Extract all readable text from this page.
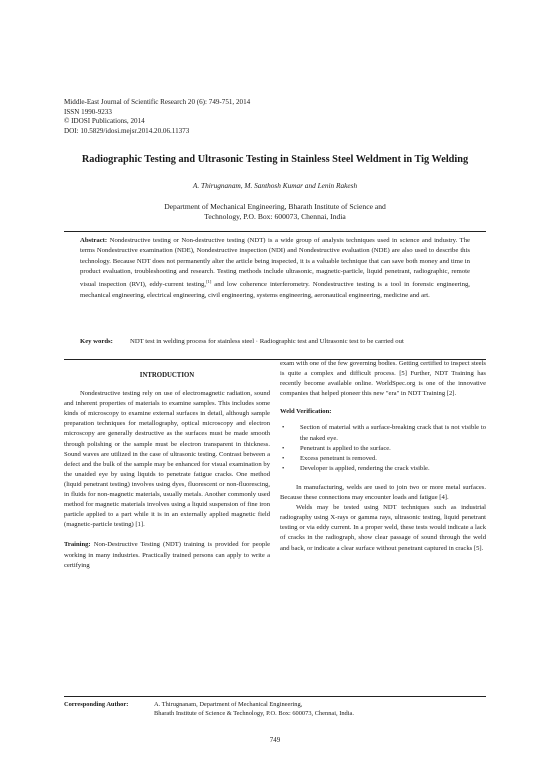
Middle-East Journal of Scientific Research 20 (6): 749-751, 2014
ISSN 1990-9233
© IDOSI Publications, 2014
DOI: 10.5829/idosi.mejsr.2014.20.06.11373
Radiographic Testing and Ultrasonic Testing in Stainless Steel Weldment in Tig Welding
A. Thirugnanam, M. Santhosh Kumar and Lenin Rakesh
Department of Mechanical Engineering, Bharath Institute of Science and
Technology, P.O. Box: 600073, Chennai, India
Abstract: Nondestructive testing or Non-destructive testing (NDT) is a wide group of analysis techniques used in science and industry. The terms Nondestructive examination (NDE), Nondestructive inspection (NDI) and Nondestructive evaluation (NDE) are also used to describe this technology. Because NDT does not permanently alter the article being inspected, it is a valuable technique that can save both money and time in product evaluation, troubleshooting and research. Testing methods include ultrasonic, magnetic-particle, liquid penetrant, radiographic, remote visual inspection (RVI), eddy-current testing,[1] and low coherence interferometry. Nondestructive testing is a tool in forensic engineering, mechanical engineering, electrical engineering, civil engineering, systems engineering, aeronautical engineering, medicine and art.
Key words:	NDT test in welding process for stainless steel · Radiographic test and Ultrasonic test to be carried out
INTRODUCTION

Nondestructive testing rely on use of electromagnetic radiation, sound and inherent properties of materials to examine samples. This includes some kinds of microscopy to examine external surfaces in detail, although sample preparation techniques for metallography, optical microscopy and electron microscopy are generally destructive as the surfaces must be made smooth through polishing or the sample must be electron transparent in thickness. Sound waves are utilized in the case of ultrasonic testing. Contrast between a defect and the bulk of the sample may be enhanced for visual examination by the unaided eye by using liquids to penetrate fatigue cracks. One method (liquid penetrant testing) involves using dyes, fluorescent or non-fluorescing, in fluids for non-magnetic materials, usually metals. Another commonly used method for magnetic materials involves using a liquid suspension of fine iron particle applied to a part while it is in an externally applied magnetic field (magnetic-particle testing) [1].

Training: Non-Destructive Testing (NDT) training is provided for people working in many industries. Practically trained persons can apply to write a certifying

exam with one of the few governing bodies. Getting certified to inspect steels is quite a complex and difficult process. [5] Further, NDT Training has recently become available online. WorldSpec.org is one of the innovative companies that helped pioneer this new "era" in NDT Training [2].

Weld Verification:

• Section of material with a surface-breaking crack that is not visible to the naked eye.
• Penetrant is applied to the surface.
• Excess penetrant is removed.
• Developer is applied, rendering the crack visible.

In manufacturing, welds are used to join two or more metal surfaces. Because these connections may encounter loads and fatigue [4].

Welds may be tested using NDT techniques such as industrial radiography using X-rays or gamma rays, ultrasonic testing, liquid penetrant testing or via eddy current. In a proper weld, these tests would indicate a lack of cracks in the radiograph, show clear passage of sound through the weld and back, or indicate a clear surface without penetrant captured in cracks [5].

Corresponding Author:	A. Thirugnanam, Department of Mechanical Engineering,
Bharath Institute of Science & Technology, P.O. Box: 600073, Chennai, India.
749
